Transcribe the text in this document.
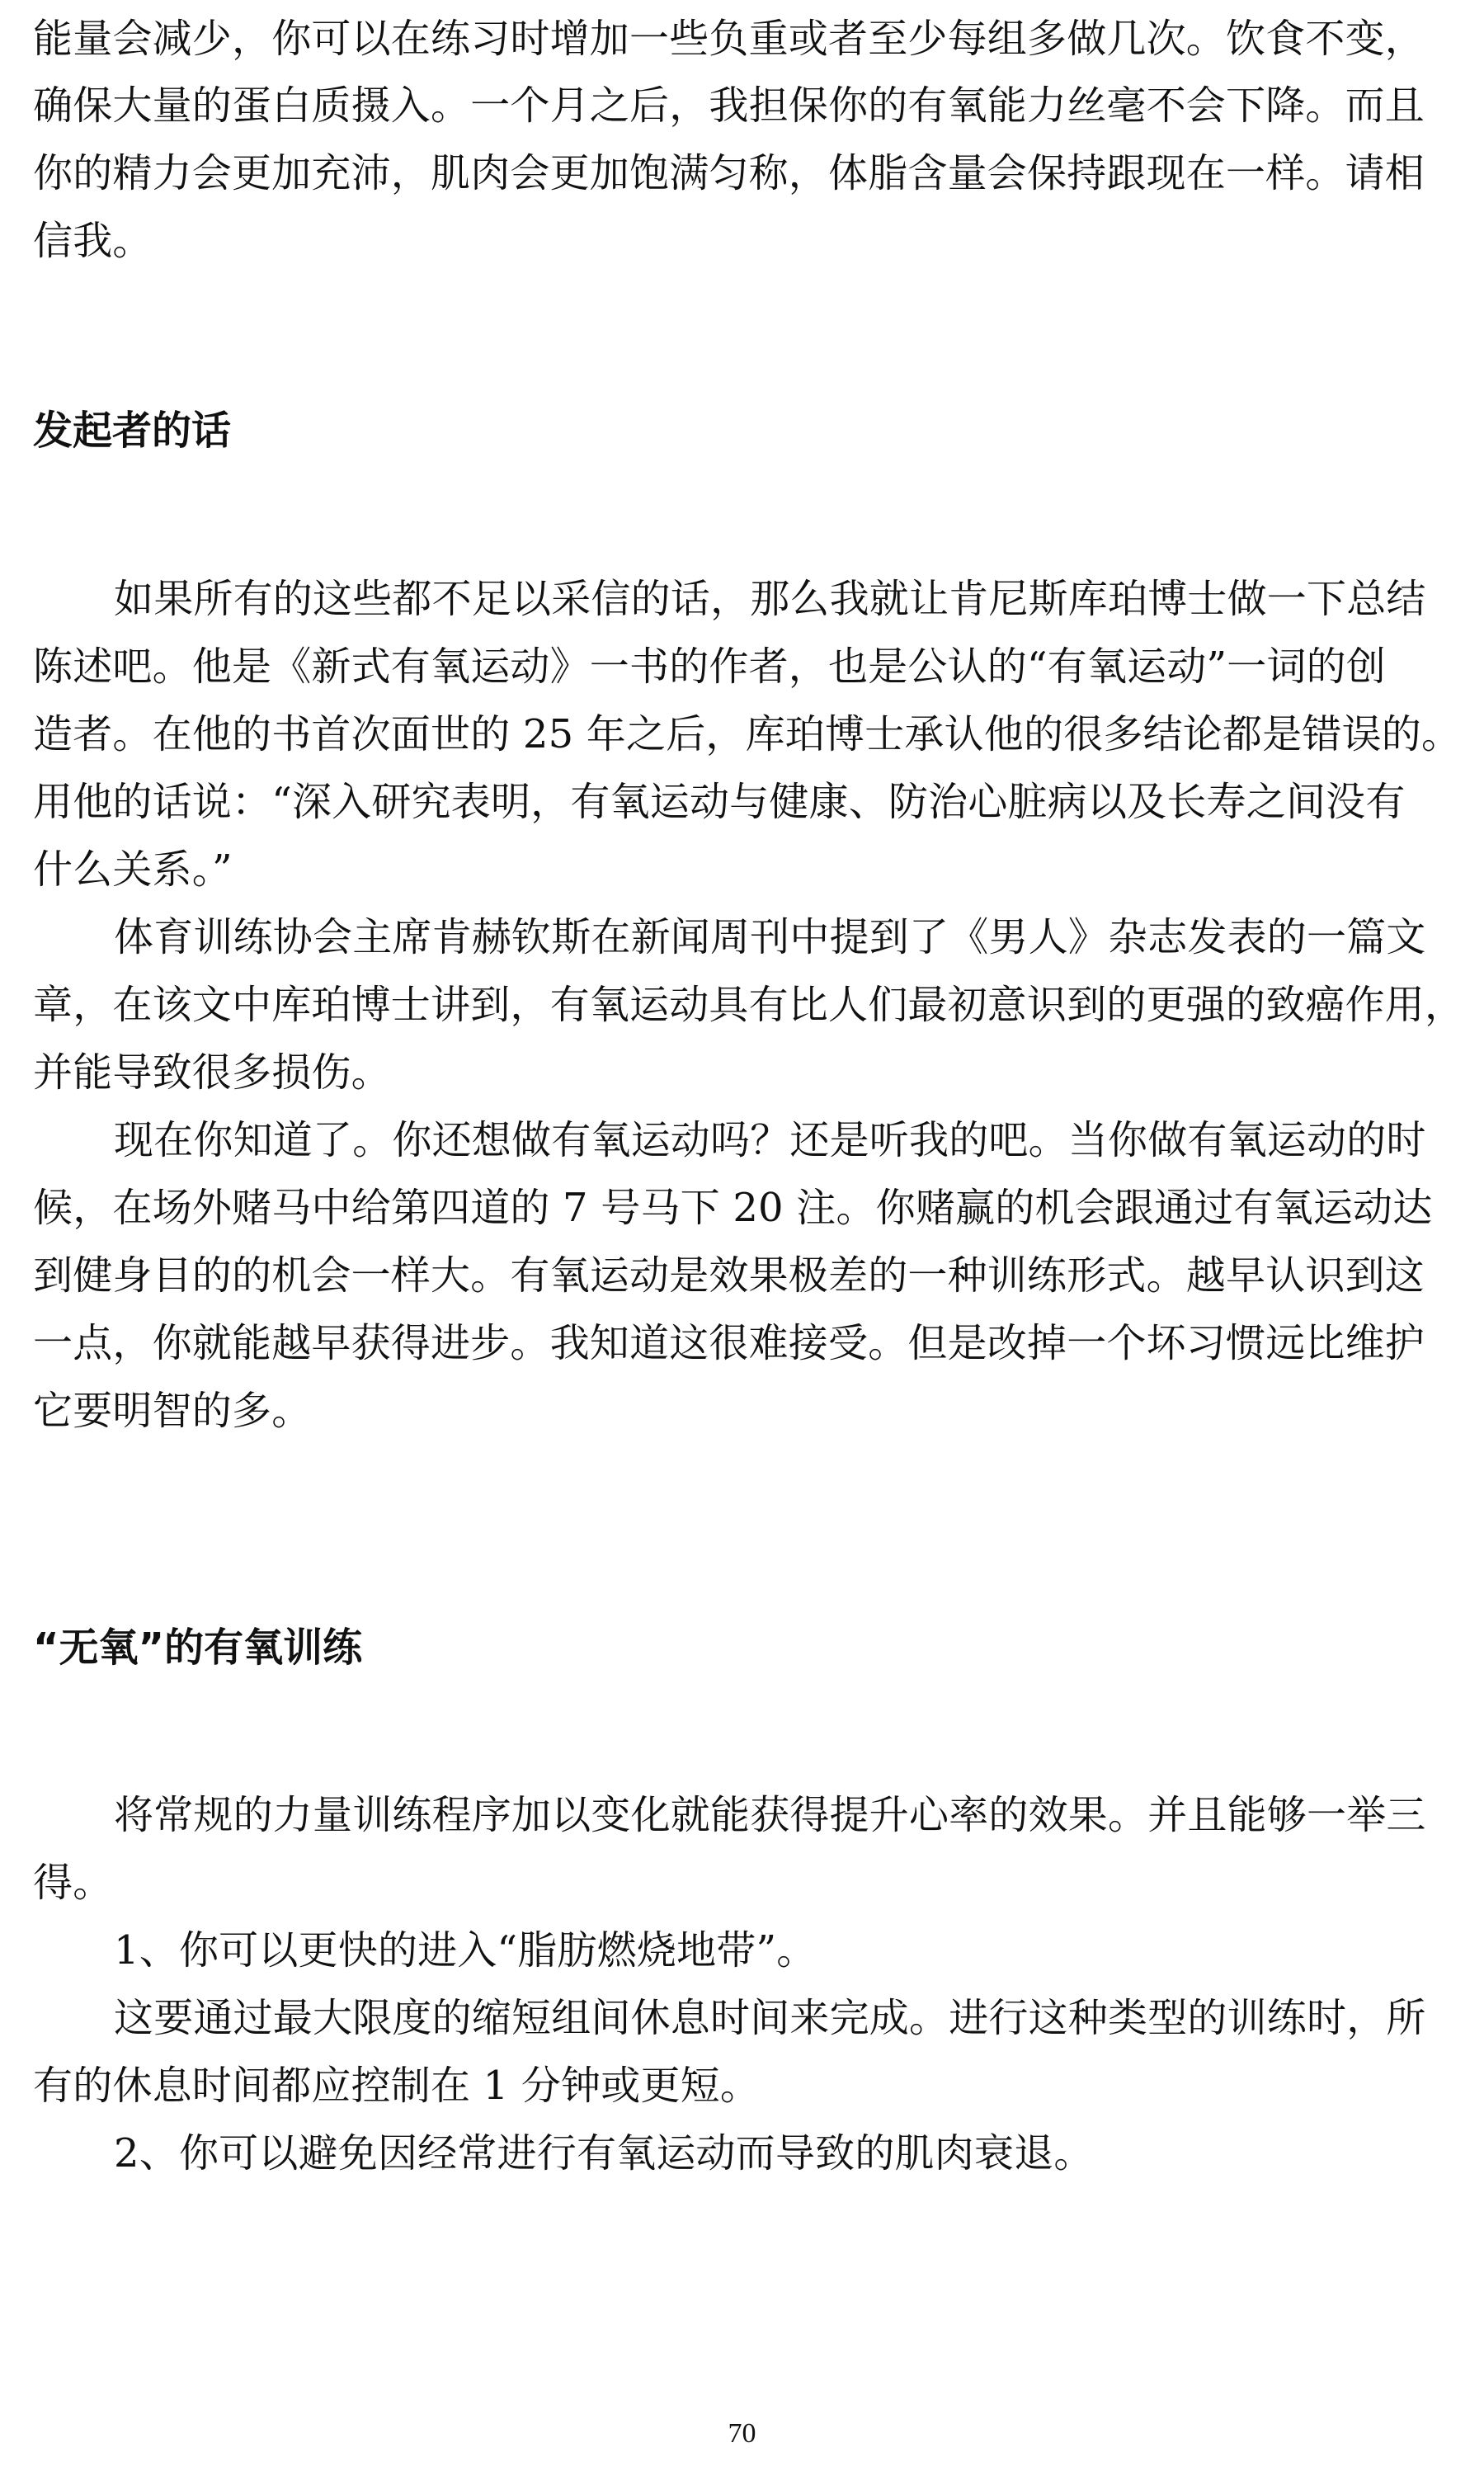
能量会减少，你可以在练习时增加一些负重或者至少每组多做几次。饮食不变，
确保大量的蛋白质摄入。一个月之后，我担保你的有氧能力丝毫不会下降。而且
你的精力会更加充沛，肌肉会更加饱满匀称，体脂含量会保持跟现在一样。请相
信我。
发起者的话
如果所有的这些都不足以采信的话，那么我就让肯尼斯库珀博士做一下总结
陈述吧。他是《新式有氧运动》一书的作者，也是公认的“有氧运动”一词的创
造者。在他的书首次面世的 25 年之后，库珀博士承认他的很多结论都是错误的。
用他的话说：“深入研究表明，有氧运动与健康、防治心脏病以及长寿之间没有
什么关系。”
体育训练协会主席肯赫钦斯在新闻周刊中提到了《男人》杂志发表的一篇文
章，在该文中库珀博士讲到，有氧运动具有比人们最初意识到的更强的致癌作用，
并能导致很多损伤。
现在你知道了。你还想做有氧运动吗？还是听我的吧。当你做有氧运动的时
候，在场外赌马中给第四道的 7 号马下 20 注。你赌赢的机会跟通过有氧运动达
到健身目的的机会一样大。有氧运动是效果极差的一种训练形式。越早认识到这
一点，你就能越早获得进步。我知道这很难接受。但是改掉一个坏习惯远比维护
它要明智的多。
“无氧”的有氧训练
将常规的力量训练程序加以变化就能获得提升心率的效果。并且能够一举三
得。
1、你可以更快的进入“脂肪燃烧地带”。
这要通过最大限度的缩短组间休息时间来完成。进行这种类型的训练时，所
有的休息时间都应控制在 1 分钟或更短。
2、你可以避免因经常进行有氧运动而导致的肌肉衰退。
70
